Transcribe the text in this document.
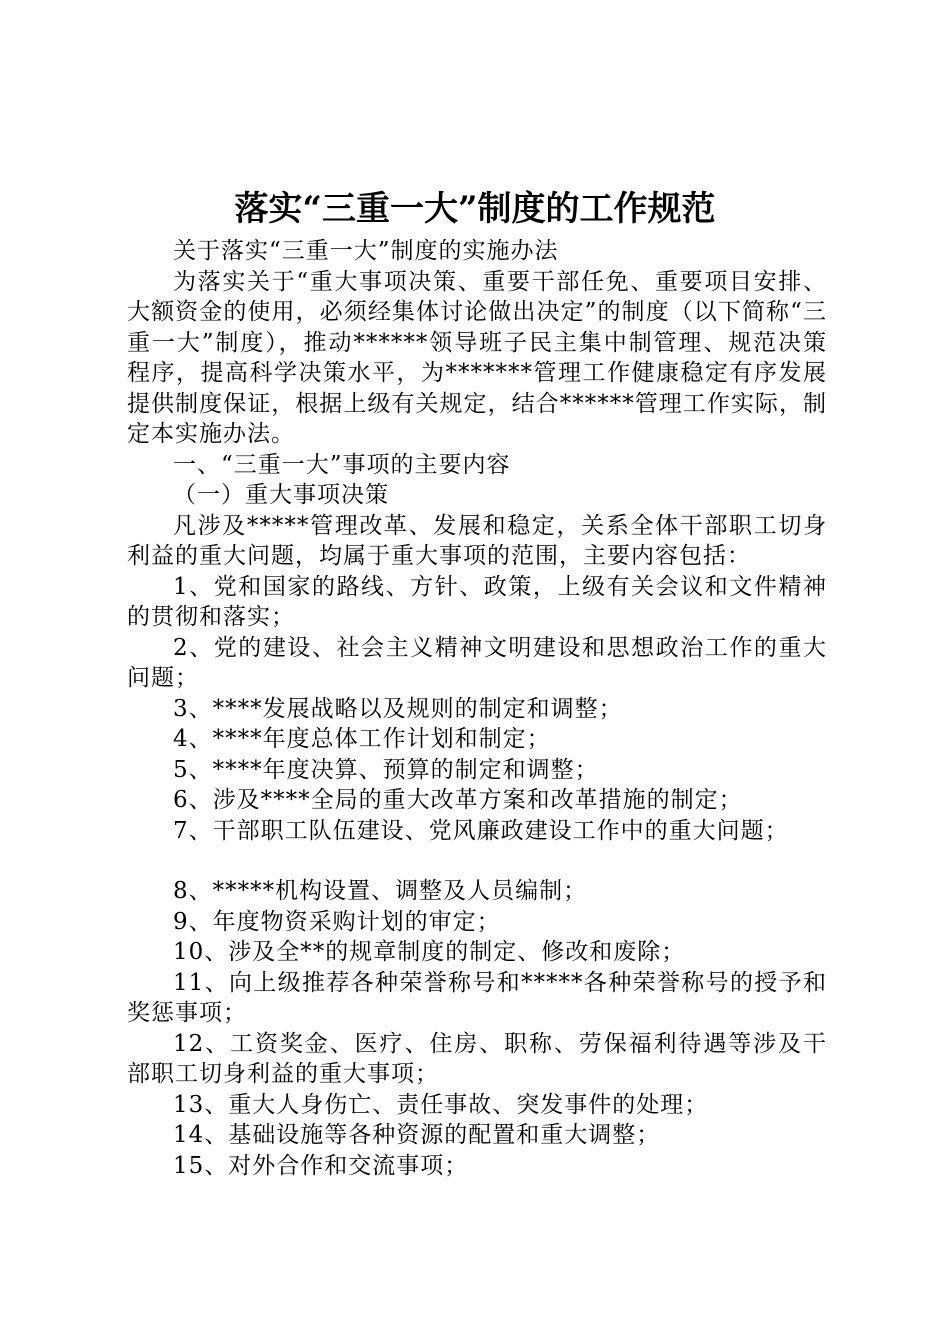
落实“三重一大”制度的工作规范

关于落实“三重一大”制度的实施办法

为落实关于“重大事项决策、重要干部任免、重要项目安排、大额资金的使用，必须经集体讨论做出决定”的制度（以下简称“三重一大”制度），推动******领导班子民主集中制管理、规范决策程序，提高科学决策水平，为*******管理工作健康稳定有序发展提供制度保证，根据上级有关规定，结合******管理工作实际，制定本实施办法。

一、“三重一大”事项的主要内容

（一）重大事项决策

凡涉及*****管理改革、发展和稳定，关系全体干部职工切身利益的重大问题，均属于重大事项的范围，主要内容包括：

1、党和国家的路线、方针、政策，上级有关会议和文件精神的贯彻和落实；

2、党的建设、社会主义精神文明建设和思想政治工作的重大问题；

3、****发展战略以及规则的制定和调整；

4、****年度总体工作计划和制定；

5、****年度决算、预算的制定和调整；

6、涉及****全局的重大改革方案和改革措施的制定；

7、干部职工队伍建设、党风廉政建设工作中的重大问题；

8、*****机构设置、调整及人员编制；

9、年度物资采购计划的审定；

10、涉及全**的规章制度的制定、修改和废除；

11、向上级推荐各种荣誉称号和*****各种荣誉称号的授予和奖惩事项；

12、工资奖金、医疗、住房、职称、劳保福利待遇等涉及干部职工切身利益的重大事项；

13、重大人身伤亡、责任事故、突发事件的处理；

14、基础设施等各种资源的配置和重大调整；

15、对外合作和交流事项；
